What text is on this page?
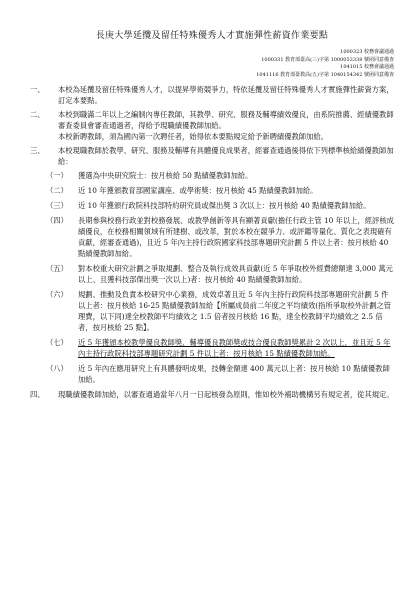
長庚大學延攬及留任特殊優秀人才實施彈性薪資作業要點
1000323 校務會議通過
1000331 教育部臺高(三)字第 1000053338 號函同意備查
1041015 校務會議通過
1041116 教育部臺教高(五)字第 1040154342 號函同意備查
一、 本校為延攬及留任特殊優秀人才，以提昇學術競爭力，特依延攬及留任特殊優秀人才實施彈性薪資方案，訂定本要點。
二、 本校到職滿二年以上之編制內專任教師，其教學、研究、服務及輔導績效優良，由系院推薦、經績優教師審查委員會審查通過者，得給予現職績優教師加給。
本校新聘教師，須為國內第一次聘任者，始得依本要點規定給予新聘績優教師加給。
三、 本校現職教師於教學、研究、服務及輔導有具體優良成果者，經審查通過後得依下列標準核給績優教師加給：
（一） 獲選為中央研究院士：按月核給 50 點績優教師加給。
（二） 近 10 年獲頒教育部國家講座、或學術獎：按月核給 45 點績優教師加給。
（三） 近 10 年獲頒行政院科技部特約研究員或傑出獎 3 次以上：按月核給 40 點績優教師加給。
（四） 長期參與校務行政並對校務發展、或教學創新等具有顯著貢獻(擔任行政主管 10 年以上，經評核成績優良，在校務相關領域有所建樹、或改革，對於本校在競爭力、或評鑑等量化、質化之表現確有貢獻，經審查通過)，且近 5 年內主持行政院國家科技部專題研究計劃 5 件以上者：按月核給 40 點績優教師加給。
（五） 對本校重大研究計劃之爭取規劃、整合及執行成效具貢獻(近 5 年爭取校外經費總額達 3,000 萬元以上、且獲科技部傑出獎一次以上)者：按月核給 40 點績優教師加給。
（六） 規劃、推動及負責本校研究中心業務，成效卓著且近 5 年內主持行政院科技部專題研究計劃 5 件以上者：按月核給 16-25 點績優教師加給【所屬成員前二年度之平均績效(指所爭取校外計劃之管理費，以下同)達全校教師平均績效之 1.5 倍者按月核給 16 點，達全校教師平均績效之 2.5 倍者，按月核給 25 點】。
（七） 近 5 年獲頒本校教學優良教師獎、輔導優良教師獎或技合優良教師獎累計 2 次以上，並且近 5 年內主持行政院科技部專題研究計劃 5 件以上者：按月核給 15 點績優教師加給。
（八） 近 5 年內在應用研究上有具體發明成果，技轉金額達 400 萬元以上者：按月核給 10 點績優教師加給。
四、 現職績優教師加給，以審查通過當年八月一日起核發為原則，惟如校外補助機構另有規定者，從其規定。
